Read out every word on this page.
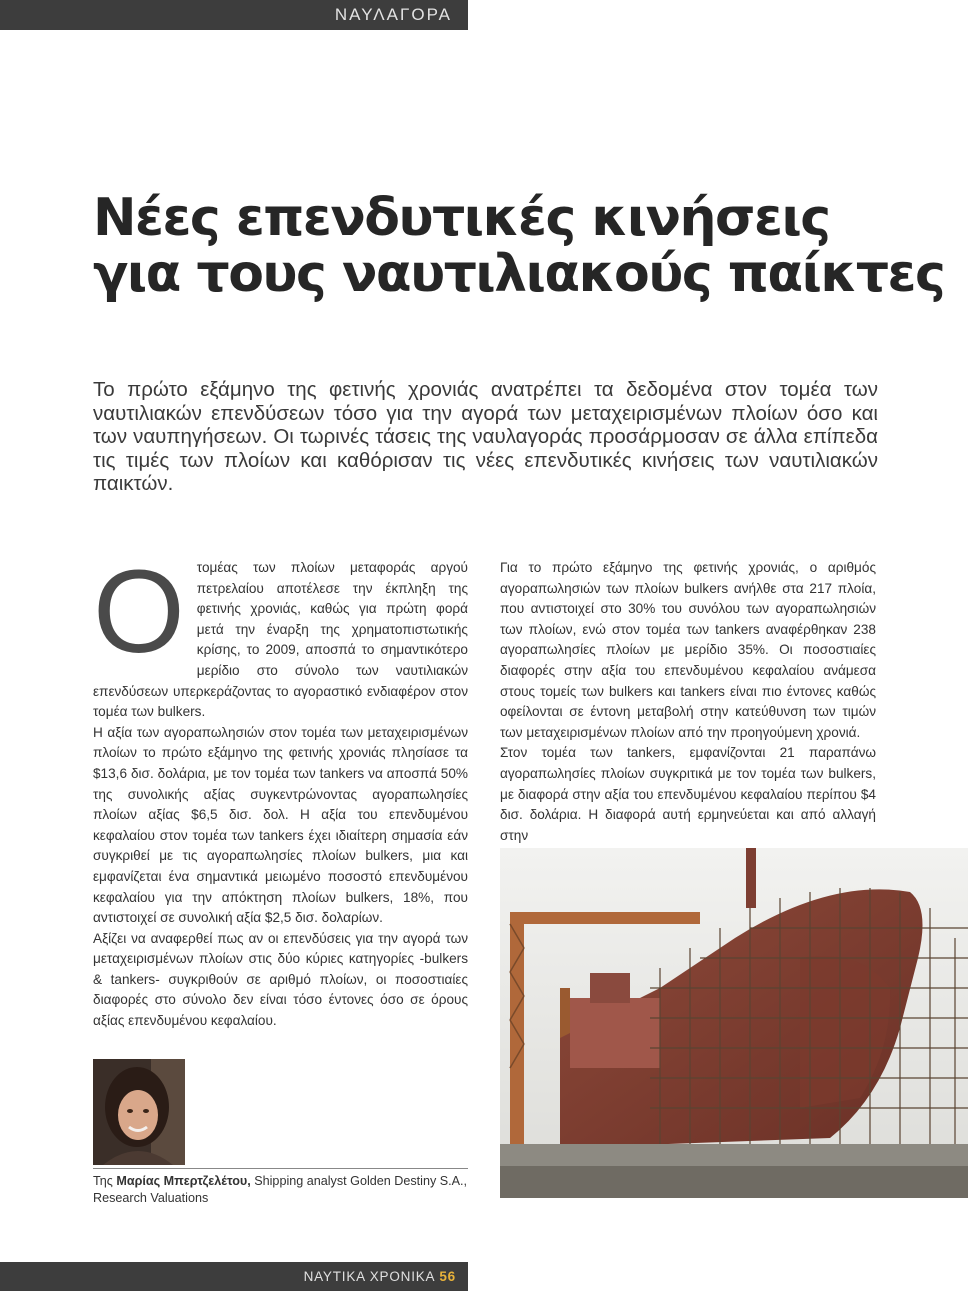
ΝΑΥΛΑΓΟΡΑ
Νέες επενδυτικές κινήσεις
για τους ναυτιλιακούς παίκτες

Το πρώτο εξάμηνο της φετινής χρονιάς ανατρέπει τα δεδομένα στον τομέα των ναυτιλιακών επενδύσεων τόσο για την αγορά των μεταχειρισμένων πλοίων όσο και των ναυπηγήσεων. Οι τωρινές τάσεις της ναυλαγοράς προσάρμοσαν σε άλλα επίπεδα τις τιμές των πλοίων και καθόρισαν τις νέες επενδυτικές κινήσεις των ναυτιλιακών παικτών.

Οτομέας των πλοίων μεταφοράς αργού πετρελαίου αποτέλεσε την έκπληξη της φετινής χρονιάς, καθώς για πρώτη φορά μετά την έναρξη της χρηματοπιστωτικής κρίσης, το 2009, αποσπά το σημαντικότερο μερίδιο στο σύνολο των ναυτιλιακών επενδύσεων υπερκεράζοντας το αγοραστικό ενδιαφέρον στον τομέα των bulkers.

Η αξία των αγοραπωλησιών στον τομέα των μεταχειρισμένων πλοίων το πρώτο εξάμηνο της φετινής χρονιάς πλησίασε τα $13,6 δισ. δολάρια, με τον τομέα των tankers να αποσπά 50% της συνολικής αξίας συγκεντρώνοντας αγοραπωλησίες πλοίων αξίας $6,5 δισ. δολ. Η αξία του επενδυμένου κεφαλαίου στον τομέα των tankers έχει ιδιαίτερη σημασία εάν συγκριθεί με τις αγοραπωλησίες πλοίων bulkers, μια και εμφανίζεται ένα σημαντικά μειωμένο ποσοστό επενδυμένου κεφαλαίου για την απόκτηση πλοίων bulkers, 18%, που αντιστοιχεί σε συνολική αξία $2,5 δισ. δολαρίων.

Αξίζει να αναφερθεί πως αν οι επενδύσεις για την αγορά των μεταχειρισμένων πλοίων στις δύο κύριες κατηγορίες -bulkers & tankers- συγκριθούν σε αριθμό πλοίων, οι ποσοστιαίες διαφορές στο σύνολο δεν είναι τόσο έντονες όσο σε όρους αξίας επενδυμένου κεφαλαίου.

Για το πρώτο εξάμηνο της φετινής χρονιάς, ο αριθμός αγοραπωλησιών των πλοίων bulkers ανήλθε στα 217 πλοία, που αντιστοιχεί στο 30% του συνόλου των αγοραπωλησιών των πλοίων, ενώ στον τομέα των tankers αναφέρθηκαν 238 αγοραπωλησίες πλοίων με μερίδιο 35%. Οι ποσοστιαίες διαφορές στην αξία του επενδυμένου κεφαλαίου ανάμεσα στους τομείς των bulkers και tankers είναι πιο έντονες καθώς οφείλονται σε έντονη μεταβολή στην κατεύθυνση των τιμών των μεταχειρισμένων πλοίων από την προηγούμενη χρονιά.

Στον τομέα των tankers, εμφανίζονται 21 παραπάνω αγοραπωλησίες πλοίων συγκριτικά με τον τομέα των bulkers, με διαφορά στην αξία του επενδυμένου κεφαλαίου περίπου $4 δισ. δολάρια. Η διαφορά αυτή ερμηνεύεται και από αλλαγή στην

Της Μαρίας Μπερτζελέτου, Shipping analyst Golden Destiny S.A.,
Research Valuations
ΝΑΥΤΙΚΑ ΧΡΟΝΙΚΑ 56
